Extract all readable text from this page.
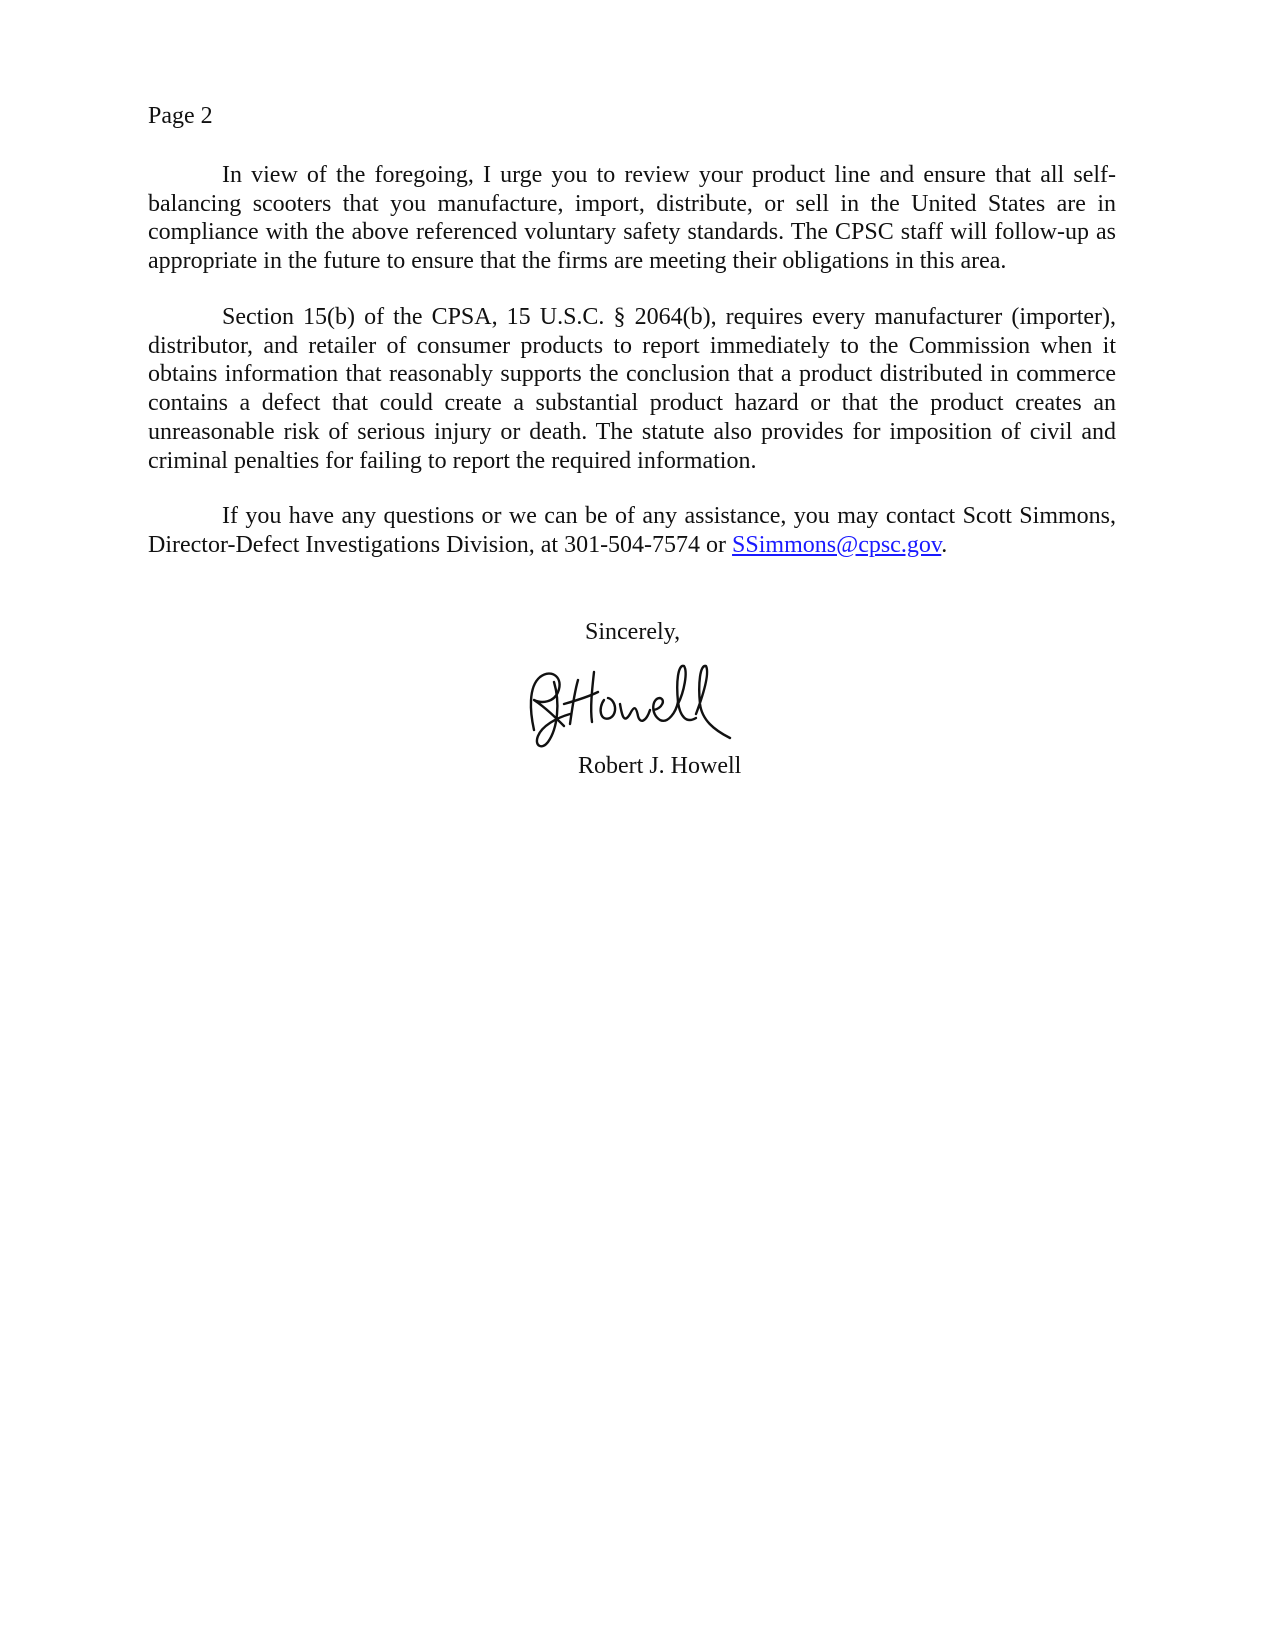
Page 2

In view of the foregoing, I urge you to review your product line and ensure that all self-balancing scooters that you manufacture, import, distribute, or sell in the United States are in compliance with the above referenced voluntary safety standards. The CPSC staff will follow-up as appropriate in the future to ensure that the firms are meeting their obligations in this area.

Section 15(b) of the CPSA, 15 U.S.C. § 2064(b), requires every manufacturer (importer), distributor, and retailer of consumer products to report immediately to the Commission when it obtains information that reasonably supports the conclusion that a product distributed in commerce contains a defect that could create a substantial product hazard or that the product creates an unreasonable risk of serious injury or death. The statute also provides for imposition of civil and criminal penalties for failing to report the required information.

If you have any questions or we can be of any assistance, you may contact Scott Simmons, Director-Defect Investigations Division, at 301-504-7574 or SSimmons@cpsc.gov.

Sincerely,
Robert J. Howell
